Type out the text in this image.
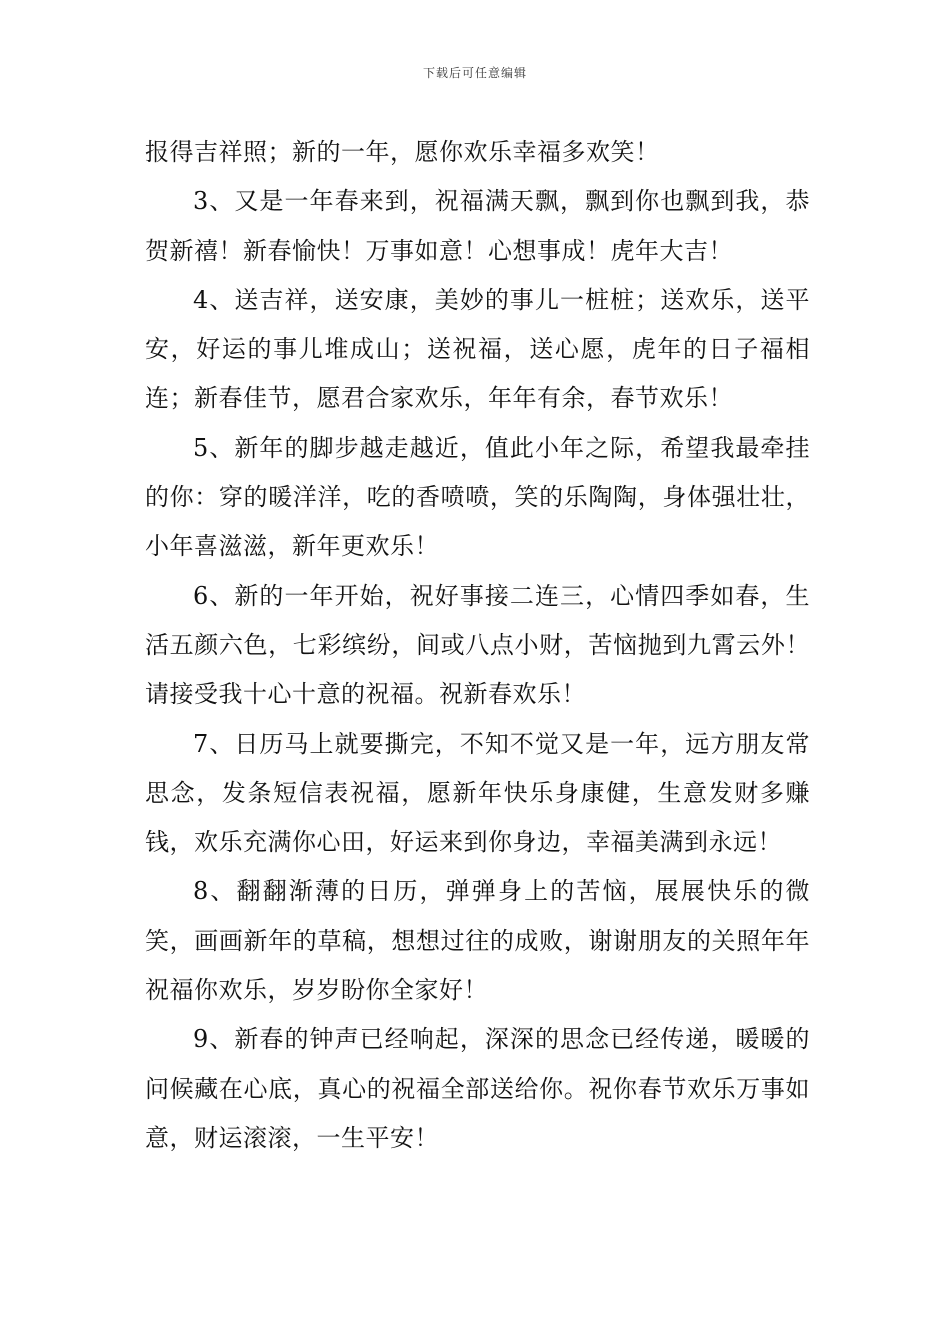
下载后可任意编辑

报得吉祥照；新的一年，愿你欢乐幸福多欢笑！

3、又是一年春来到，祝福满天飘，飘到你也飘到我，恭贺新禧！新春愉快！万事如意！心想事成！虎年大吉！

4、送吉祥，送安康，美妙的事儿一桩桩；送欢乐，送平安，好运的事儿堆成山；送祝福，送心愿，虎年的日子福相连；新春佳节，愿君合家欢乐，年年有余，春节欢乐！

5、新年的脚步越走越近，值此小年之际，希望我最牵挂的你：穿的暖洋洋，吃的香喷喷，笑的乐陶陶，身体强壮壮，小年喜滋滋，新年更欢乐！

6、新的一年开始，祝好事接二连三，心情四季如春，生活五颜六色，七彩缤纷，间或八点小财，苦恼抛到九霄云外！请接受我十心十意的祝福。祝新春欢乐！

7、日历马上就要撕完，不知不觉又是一年，远方朋友常思念，发条短信表祝福，愿新年快乐身康健，生意发财多赚钱，欢乐充满你心田，好运来到你身边，幸福美满到永远！

8、翻翻渐薄的日历，弹弹身上的苦恼，展展快乐的微笑，画画新年的草稿，想想过往的成败，谢谢朋友的关照年年祝福你欢乐，岁岁盼你全家好！

9、新春的钟声已经响起，深深的思念已经传递，暖暖的问候藏在心底，真心的祝福全部送给你。祝你春节欢乐万事如意，财运滚滚，一生平安！
